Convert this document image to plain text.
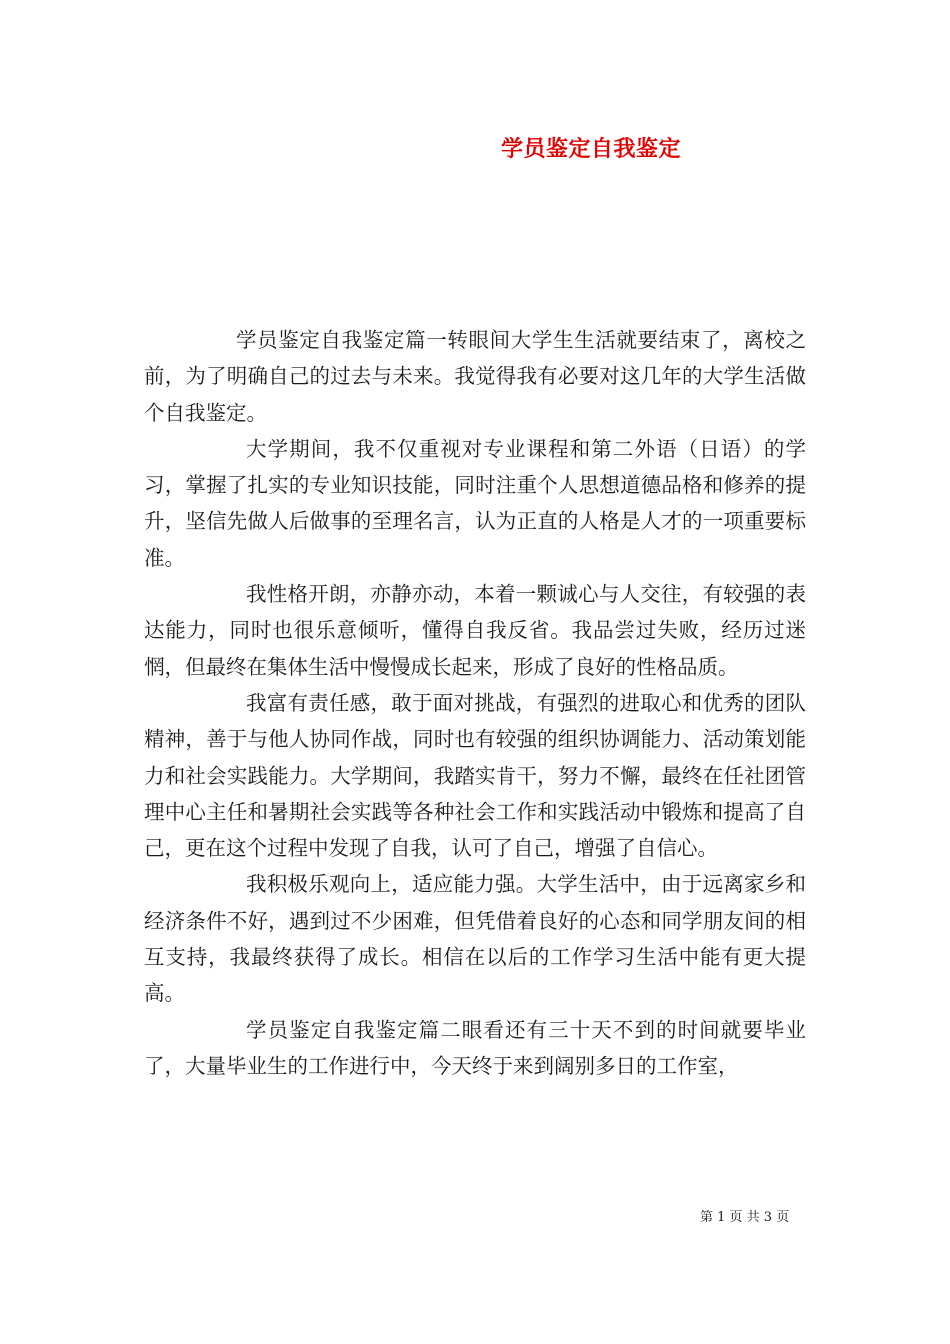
学员鉴定自我鉴定

学员鉴定自我鉴定篇一转眼间大学生生活就要结束了，离校之前，为了明确自己的过去与未来。我觉得我有必要对这几年的大学生活做个自我鉴定。

大学期间，我不仅重视对专业课程和第二外语（日语）的学习，掌握了扎实的专业知识技能，同时注重个人思想道德品格和修养的提升，坚信先做人后做事的至理名言，认为正直的人格是人才的一项重要标准。

我性格开朗，亦静亦动，本着一颗诚心与人交往，有较强的表达能力，同时也很乐意倾听，懂得自我反省。我品尝过失败，经历过迷惘，但最终在集体生活中慢慢成长起来，形成了良好的性格品质。

我富有责任感，敢于面对挑战，有强烈的进取心和优秀的团队精神，善于与他人协同作战，同时也有较强的组织协调能力、活动策划能力和社会实践能力。大学期间，我踏实肯干，努力不懈，最终在任社团管理中心主任和暑期社会实践等各种社会工作和实践活动中锻炼和提高了自己，更在这个过程中发现了自我，认可了自己，增强了自信心。

我积极乐观向上，适应能力强。大学生活中，由于远离家乡和经济条件不好，遇到过不少困难，但凭借着良好的心态和同学朋友间的相互支持，我最终获得了成长。相信在以后的工作学习生活中能有更大提高。

学员鉴定自我鉴定篇二眼看还有三十天不到的时间就要毕业了，大量毕业生的工作进行中，今天终于来到阔别多日的工作室，

第 1 页 共 3 页
